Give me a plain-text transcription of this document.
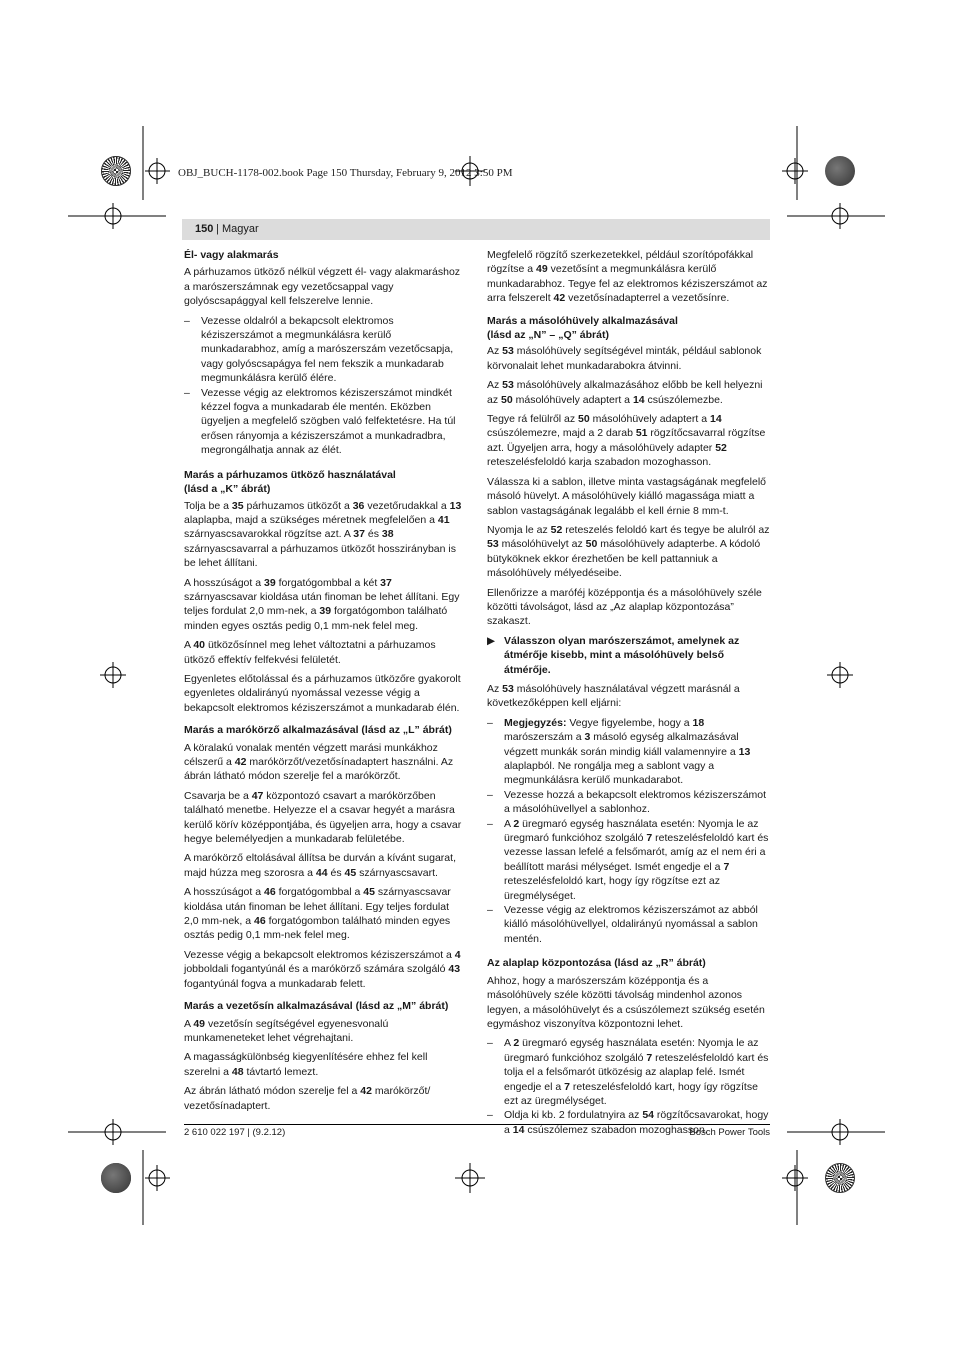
OBJ_BUCH-1178-002.book Page 150 Thursday, February 9, 2012 3:50 PM
150 | Magyar
Él- vagy alakmarás

A párhuzamos ütköző nélkül végzett él- vagy alakmaráshoz a marószerszámnak egy vezetőcsappal vagy golyóscsapággyal kell felszerelve lennie.

– Vezesse oldalról a bekapcsolt elektromos kéziszerszámot a megmunkálásra kerülő munkadarabhoz, amíg a marószerszám vezetőcsapja, vagy golyóscsapágya fel nem fekszik a munkadarab megmunkálásra kerülő élére.
– Vezesse végig az elektromos kéziszerszámot mindkét kézzel fogva a munkadarab éle mentén. Eközben ügyeljen a megfelelő szögben való felfektetésre. Ha túl erősen rányomja a kéziszerszámot a munkadradbra, megrongálhatja annak az élét.
Marás a párhuzamos ütköző használatával
(lásd a „K” ábrát)

Tolja be a 35 párhuzamos ütközőt a 36 vezetőrudakkal a 13 alaplapba, majd a szükséges méretnek megfelelően a 41 szárnyascsavarokkal rögzítse azt. A 37 és 38 szárnyascsavarral a párhuzamos ütközőt hosszirányban is be lehet állítani.

A hosszúságot a 39 forgatógombbal a két 37 szárnyascsavar kioldása után finoman be lehet állítani. Egy teljes fordulat 2,0 mm-nek, a 39 forgatógombon található minden egyes osztás pedig 0,1 mm-nek felel meg.

A 40 ütközősínnel meg lehet változtatni a párhuzamos ütköző effektív felfekvési felületét.

Egyenletes előtolással és a párhuzamos ütközőre gyakorolt egyenletes oldalirányú nyomással vezesse végig a bekapcsolt elektromos kéziszerszámot a munkadarab élén.

Marás a marókörző alkalmazásával (lásd az „L” ábrát)

A köralakú vonalak mentén végzett marási munkákhoz célszerű a 42 marókörzőt/vezetősínadaptert használni. Az ábrán látható módon szerelje fel a marókörzőt.

Csavarja be a 47 központozó csavart a marókörzőben található menetbe. Helyezze el a csavar hegyét a marásra kerülő körív középpontjába, és ügyeljen arra, hogy a csavar hegye belemélyedjen a munkadarab felületébe.

A marókörző eltolásával állítsa be durván a kívánt sugarat, majd húzza meg szorosra a 44 és 45 szárnyascsavart.

A hosszúságot a 46 forgatógombbal a 45 szárnyascsavar kioldása után finoman be lehet állítani. Egy teljes fordulat 2,0 mm-nek, a 46 forgatógombon található minden egyes osztás pedig 0,1 mm-nek felel meg.

Vezesse végig a bekapcsolt elektromos kéziszerszámot a 4 jobboldali fogantyúnál és a marókörző számára szolgáló 43 fogantyúnál fogva a munkadarab felett.

Marás a vezetősín alkalmazásával (lásd az „M” ábrát)

A 49 vezetősín segítségével egyenesvonalú munkameneteket lehet végrehajtani.

A magasságkülönbség kiegyenlítésére ehhez fel kell szerelni a 48 távtartó lemezt.

Az ábrán látható módon szerelje fel a 42 marókörzőt/ vezetősínadaptert.

Megfelelő rögzítő szerkezetekkel, például szorítópofákkal rögzítse a 49 vezetősínt a megmunkálásra kerülő munkadarabhoz. Tegye fel az elektromos kéziszerszámot az arra felszerelt 42 vezetősínadapterrel a vezetősínre.

Marás a másolóhüvely alkalmazásával
(lásd az „N” – „Q” ábrát)

Az 53 másolóhüvely segítségével minták, például sablonok körvonalait lehet munkadarabokra átvinni.

Az 53 másolóhüvely alkalmazásához előbb be kell helyezni az 50 másolóhüvely adaptert a 14 csúszólemezbe.

Tegye rá felülről az 50 másolóhüvely adaptert a 14 csúszólemezre, majd a 2 darab 51 rögzítőcsavarral rögzítse azt. Ügyeljen arra, hogy a másolóhüvely adapter 52 reteszelésfeloldó karja szabadon mozoghasson.

Válassza ki a sablon, illetve minta vastagságának megfelelő másoló hüvelyt. A másolóhüvely kiálló magassága miatt a sablon vastagságának legalább el kell érnie 8 mm-t.

Nyomja le az 52 reteszelés feloldó kart és tegye be alulról az 53 másolóhüvelyt az 50 másolóhüvely adapterbe. A kódoló bütyköknek ekkor érezhetően be kell pattanniuk a másolóhüvely mélyedéseibe.

Ellenőrizze a maróféj középpontja és a másolóhüvely széle közötti távolságot, lásd az „Az alaplap központozása” szakaszt.

▶ Válasszon olyan marószerszámot, amelynek az átmérője kisebb, mint a másolóhüvely belső átmérője.

Az 53 másolóhüvely használatával végzett marásnál a következőképpen kell eljárni:

– Megjegyzés: Vegye figyelembe, hogy a 18 marószerszám a 3 másoló egység alkalmazásával végzett munkák során mindig kiáll valamennyire a 13 alaplapból. Ne rongálja meg a sablont vagy a megmunkálásra kerülő munkadarabot.
– Vezesse hozzá a bekapcsolt elektromos kéziszerszámot a másolóhüvellyel a sablonhoz.
– A 2 üregmaró egység használata esetén: Nyomja le az üregmaró funkcióhoz szolgáló 7 reteszelésfeloldó kart és vezesse lassan lefelé a felsőmarót, amíg az el nem éri a beállított marási mélységet. Ismét engedje el a 7 reteszelésfeloldó kart, hogy így rögzítse ezt az üregmélységet.
– Vezesse végig az elektromos kéziszerszámot az abból kiálló másolóhüvellyel, oldalirányú nyomással a sablon mentén.
Az alaplap központozása (lásd az „R” ábrát)

Ahhoz, hogy a marószerszám középpontja és a másolóhüvely széle közötti távolság mindenhol azonos legyen, a másolóhüvelyt és a csúszólemezt szükség esetén egymáshoz viszonyítva központozni lehet.

– A 2 üregmaró egység használata esetén: Nyomja le az üregmaró funkcióhoz szolgáló 7 reteszelésfeloldó kart és tolja el a felsőmarót ütközésig az alaplap felé. Ismét engedje el a 7 reteszelésfeloldó kart, hogy így rögzítse ezt az üregmélységet.
– Oldja ki kb. 2 fordulatnyira az 54 rögzítőcsavarokat, hogy a 14 csúszólemez szabadon mozoghasson.
2 610 022 197 | (9.2.12)	Bosch Power Tools
